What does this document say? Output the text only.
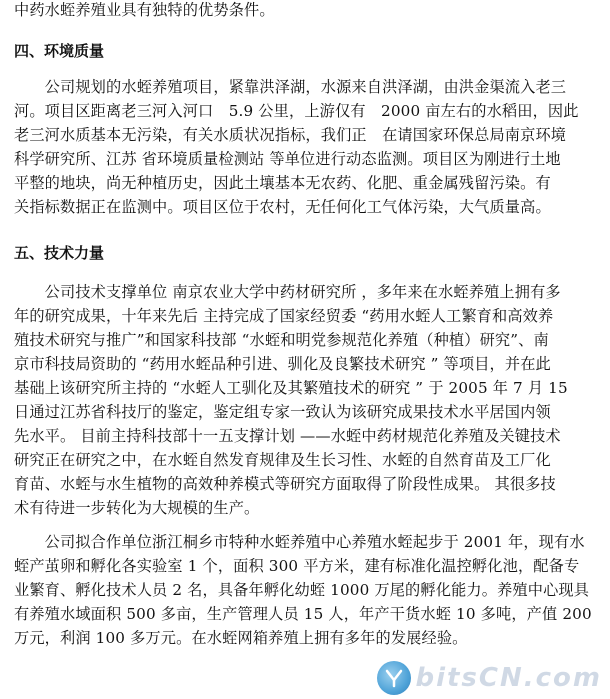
中药水蛭养殖业具有独特的优势条件。
四、环境质量
　　公司规划的水蛭养殖项目，紧靠洪泽湖，水源来自洪泽湖，由洪金渠流入老三
河。项目区距离老三河入河口　5.9 公里，上游仅有　2000 亩左右的水稻田，因此
老三河水质基本无污染，有关水质状况指标，我们正　在请国家环保总局南京环境
科学研究所、江苏 省环境质量检测站 等单位进行动态监测。项目区为刚进行土地
平整的地块，尚无种植历史，因此土壤基本无农药、化肥、重金属残留污染。有
关指标数据正在监测中。项目区位于农村，无任何化工气体污染，大气质量高。
五、技术力量
　　公司技术支撑单位 南京农业大学中药材研究所 ，多年来在水蛭养殖上拥有多
年的研究成果，十年来先后 主持完成了国家经贸委 “药用水蛭人工繁育和高效养
殖技术研究与推广”和国家科技部 “水蛭和明党参规范化养殖（种植）研究”、南
京市科技局资助的 “药用水蛭品种引进、驯化及良繁技术研究 ” 等项目，并在此
基础上该研究所主持的 “水蛭人工驯化及其繁殖技术的研究 ” 于 2005 年 7 月 15
日通过江苏省科技厅的鉴定，鉴定组专家一致认为该研究成果技术水平居国内领
先水平。 目前主持科技部十一五支撑计划 ——水蛭中药材规范化养殖及关键技术
研究正在研究之中，在水蛭自然发育规律及生长习性、水蛭的自然育苗及工厂化
育苗、水蛭与水生植物的高效种养模式等研究方面取得了阶段性成果。 其很多技
术有待进一步转化为大规模的生产。
　　公司拟合作单位浙江桐乡市特种水蛭养殖中心养殖水蛭起步于 2001 年，现有水
蛭产茧卵和孵化各实验室 1 个，面积 300 平方米，建有标准化温控孵化池，配备专
业繁育、孵化技术人员 2 名，具备年孵化幼蛭 1000 万尾的孵化能力。养殖中心现具
有养殖水域面积 500 多亩，生产管理人员 15 人，年产干货水蛭 10 多吨，产值 200
万元，利润 100 多万元。在水蛭网箱养殖上拥有多年的发展经验。
bitsCN.com
